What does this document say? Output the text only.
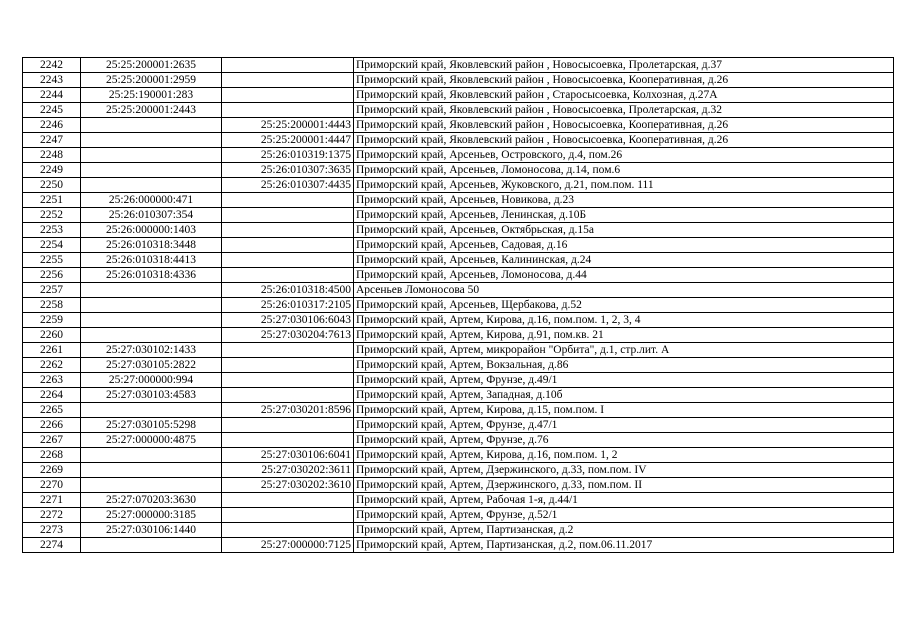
2242	25:25:200001:2635		Приморский край, Яковлевский район , Новосысоевка, Пролетарская, д.37
2243	25:25:200001:2959		Приморский край, Яковлевский район , Новосысоевка, Кооперативная, д.26
2244	25:25:190001:283		Приморский край, Яковлевский район , Старосысоевка, Колхозная, д.27А
2245	25:25:200001:2443		Приморский край, Яковлевский район , Новосысоевка, Пролетарская, д.32
2246		25:25:200001:4443	Приморский край, Яковлевский район , Новосысоевка, Кооперативная, д.26
2247		25:25:200001:4447	Приморский край, Яковлевский район , Новосысоевка, Кооперативная, д.26
2248		25:26:010319:1375	Приморский край, Арсеньев, Островского, д.4, пом.26
2249		25:26:010307:3635	Приморский край, Арсеньев, Ломоносова, д.14, пом.6
2250		25:26:010307:4435	Приморский край, Арсеньев, Жуковского, д.21, пом.пом. 111
2251	25:26:000000:471		Приморский край, Арсеньев, Новикова, д.23
2252	25:26:010307:354		Приморский край, Арсеньев, Ленинская, д.10Б
2253	25:26:000000:1403		Приморский край, Арсеньев, Октябрьская, д.15а
2254	25:26:010318:3448		Приморский край, Арсеньев, Садовая, д.16
2255	25:26:010318:4413		Приморский край, Арсеньев, Калининская, д.24
2256	25:26:010318:4336		Приморский край, Арсеньев, Ломоносова, д.44
2257		25:26:010318:4500	Арсеньев Ломоносова 50
2258		25:26:010317:2105	Приморский край, Арсеньев, Щербакова, д.52
2259		25:27:030106:6043	Приморский край, Артем, Кирова, д.16, пом.пом. 1, 2, 3, 4
2260		25:27:030204:7613	Приморский край, Артем, Кирова, д.91, пом.кв. 21
2261	25:27:030102:1433		Приморский край, Артем, микрорайон "Орбита", д.1, стр.лит. А
2262	25:27:030105:2822		Приморский край, Артем, Вокзальная, д.86
2263	25:27:000000:994		Приморский край, Артем, Фрунзе, д.49/1
2264	25:27:030103:4583		Приморский край, Артем, Западная, д.10б
2265		25:27:030201:8596	Приморский край, Артем, Кирова, д.15, пом.пом. I
2266	25:27:030105:5298		Приморский край, Артем, Фрунзе, д.47/1
2267	25:27:000000:4875		Приморский край, Артем, Фрунзе, д.76
2268		25:27:030106:6041	Приморский край, Артем, Кирова, д.16, пом.пом. 1, 2
2269		25:27:030202:3611	Приморский край, Артем, Дзержинского, д.33, пом.пом. IV
2270		25:27:030202:3610	Приморский край, Артем, Дзержинского, д.33, пом.пом. II
2271	25:27:070203:3630		Приморский край, Артем, Рабочая 1-я, д.44/1
2272	25:27:000000:3185		Приморский край, Артем, Фрунзе, д.52/1
2273	25:27:030106:1440		Приморский край, Артем, Партизанская, д.2
2274		25:27:000000:7125	Приморский край, Артем, Партизанская, д.2, пом.06.11.2017
